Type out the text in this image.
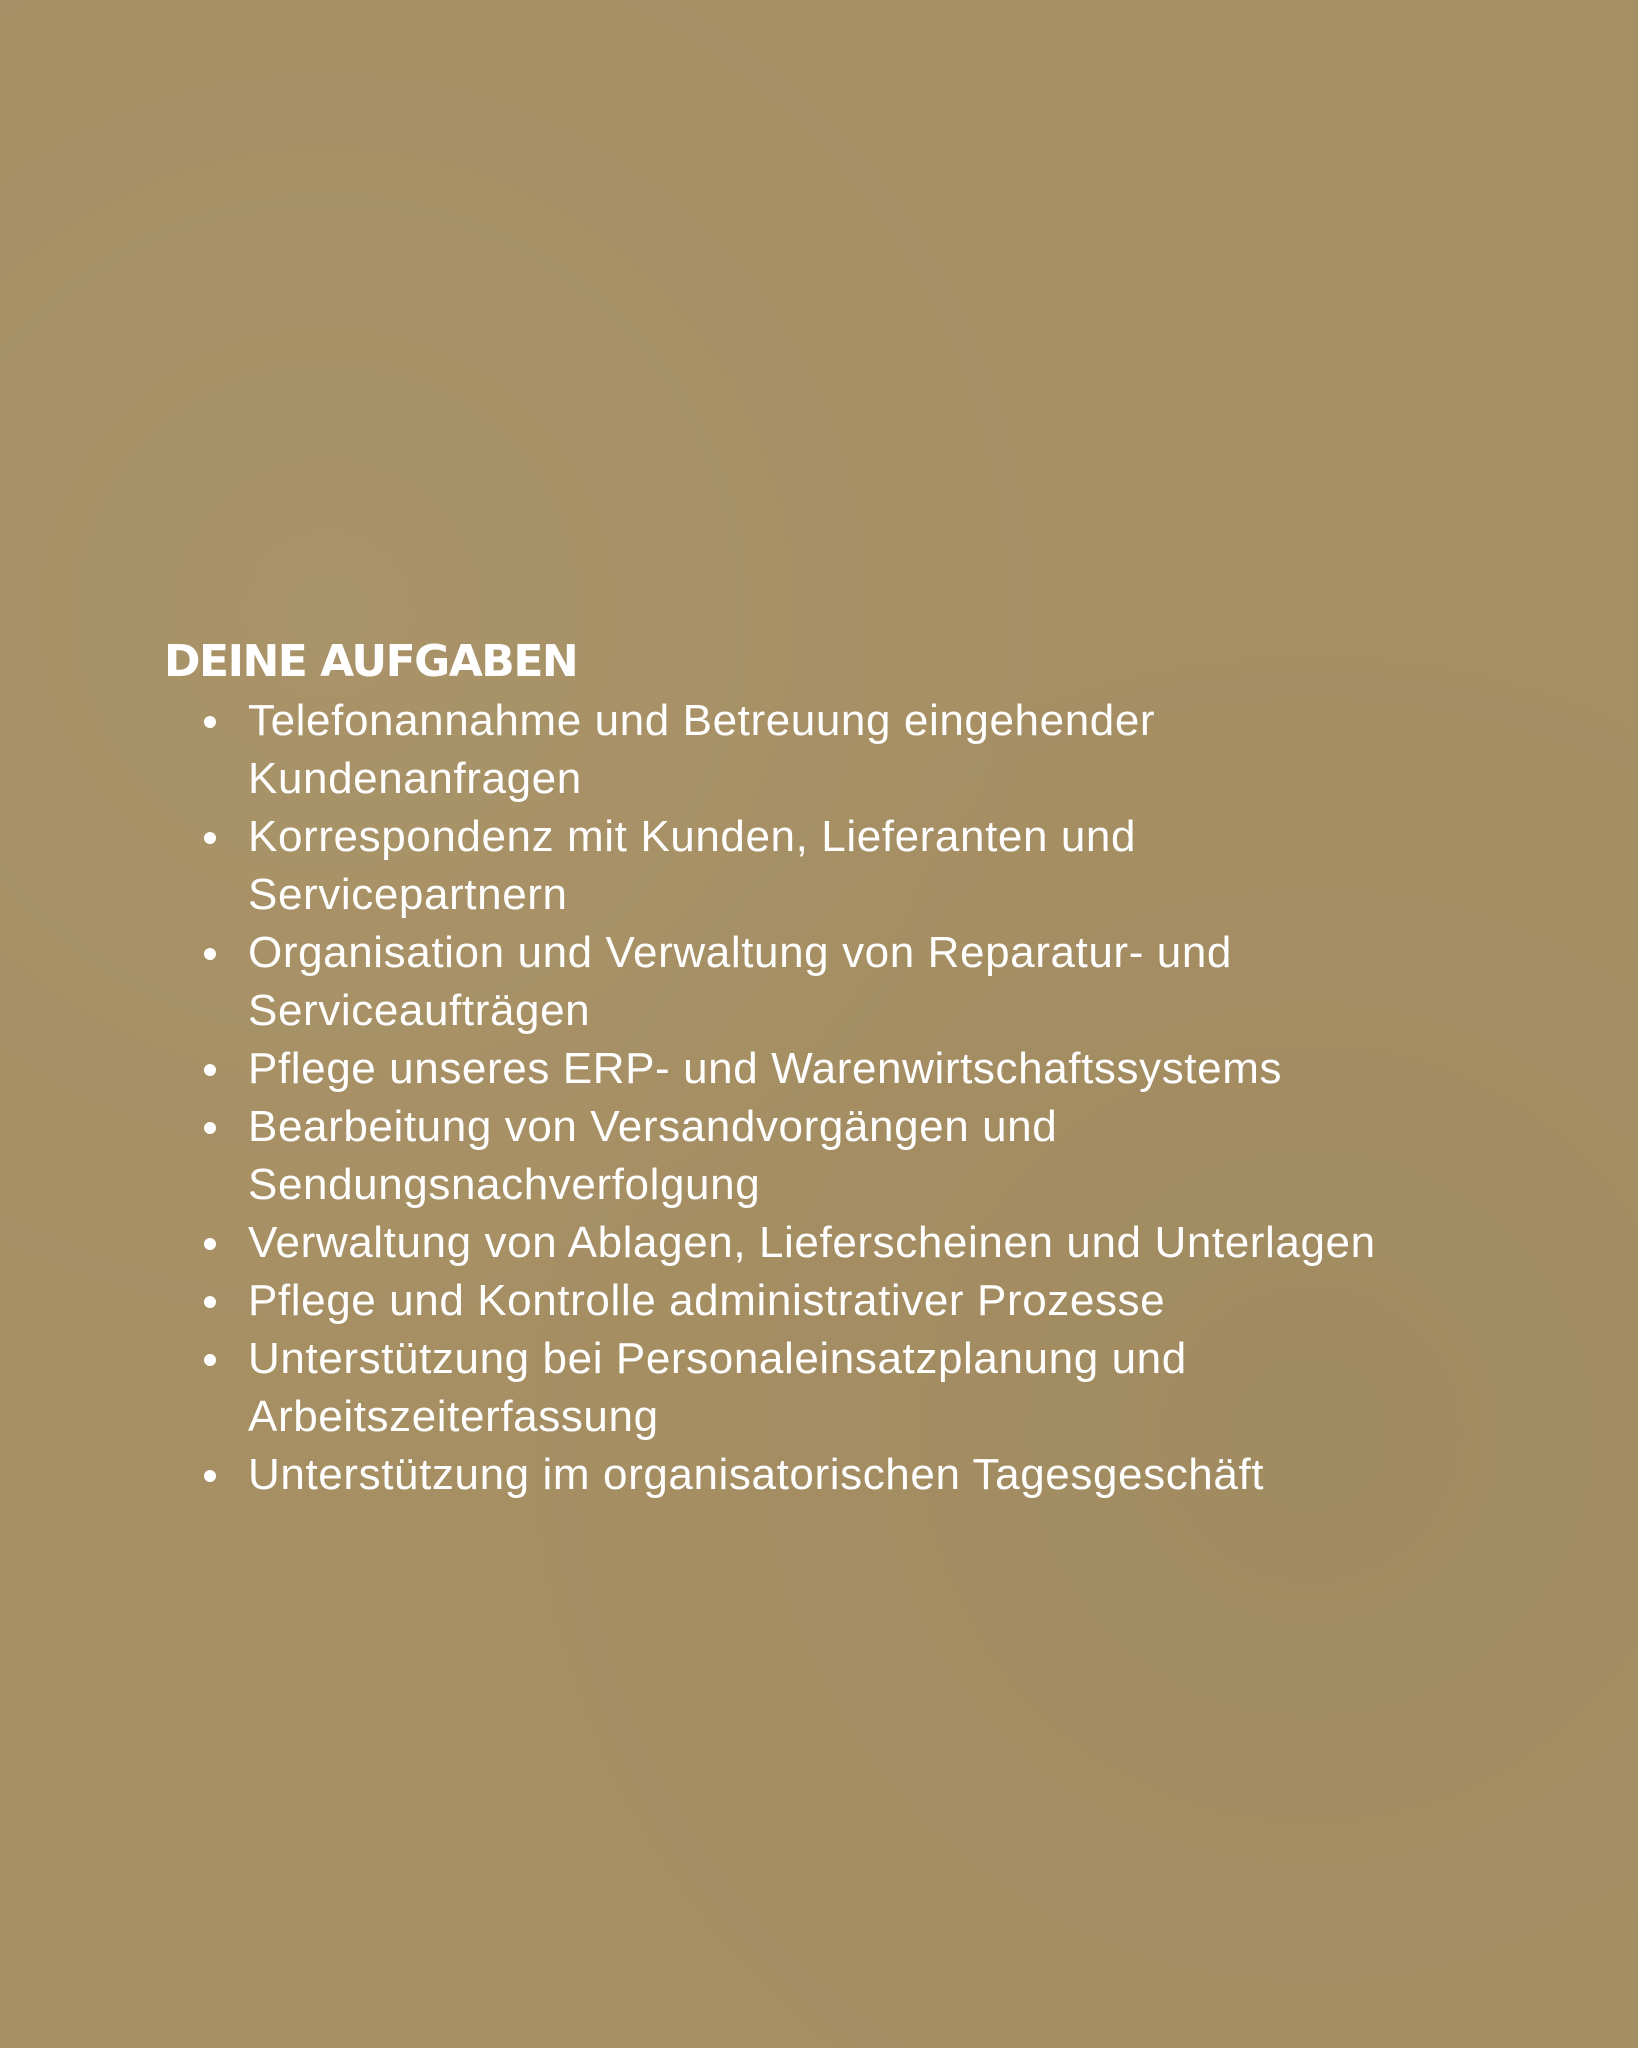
DEINE AUFGABEN
Telefonannahme und Betreuung eingehender Kundenanfragen
Korrespondenz mit Kunden, Lieferanten und Servicepartnern
Organisation und Verwaltung von Reparatur- und Serviceaufträgen
Pflege unseres ERP- und Warenwirtschaftssystems
Bearbeitung von Versandvorgängen und Sendungsnachverfolgung
Verwaltung von Ablagen, Lieferscheinen und Unterlagen
Pflege und Kontrolle administrativer Prozesse
Unterstützung bei Personaleinsatzplanung und Arbeitszeiterfassung
Unterstützung im organisatorischen Tagesgeschäft
